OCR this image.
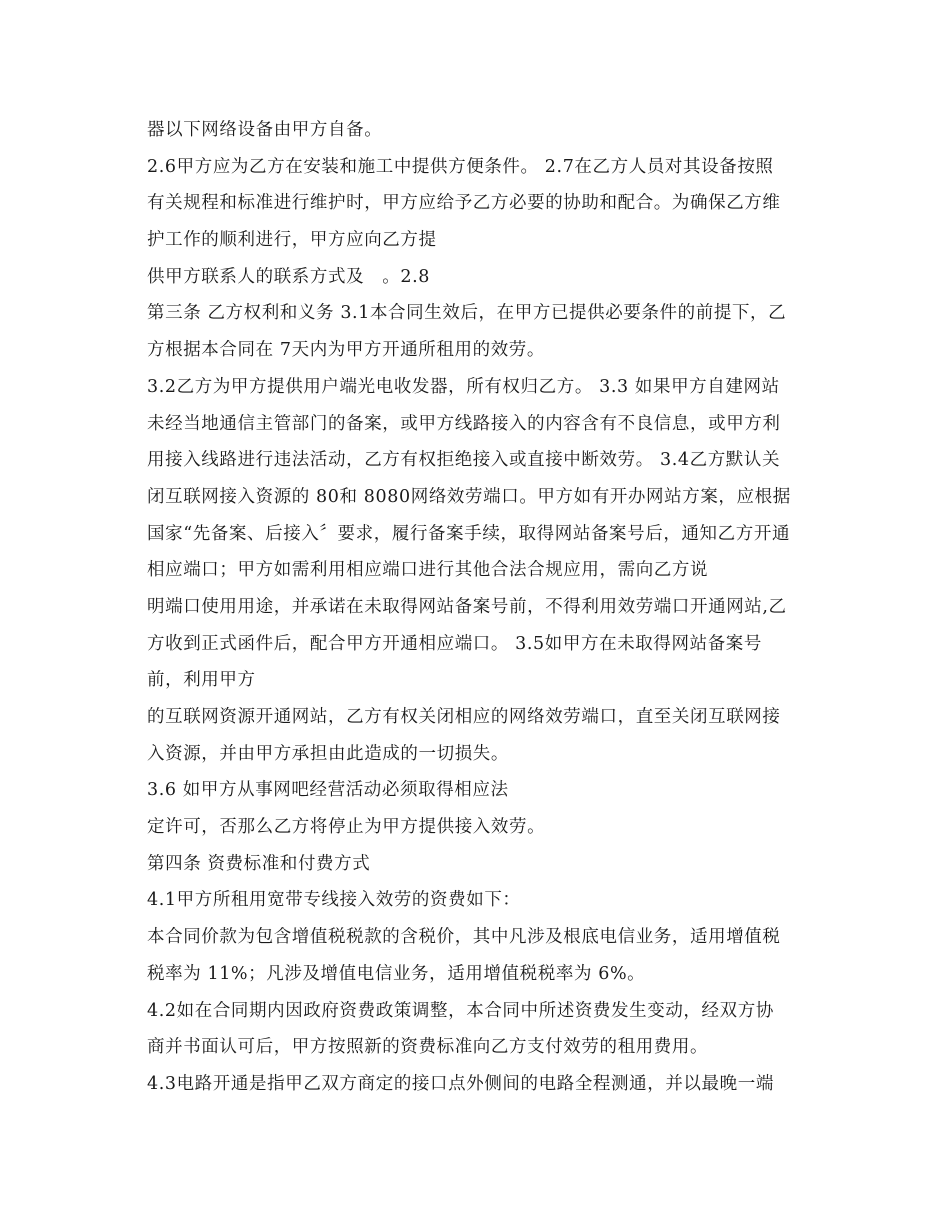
器以下网络设备由甲方自备。
2.6甲方应为乙方在安装和施工中提供方便条件。 2.7在乙方人员对其设备按照
有关规程和标准进行维护时，甲方应给予乙方必要的协助和配合。为确保乙方维
护工作的顺利进行，甲方应向乙方提
供甲方联系人的联系方式及　。2.8
第三条 乙方权利和义务 3.1本合同生效后，在甲方已提供必要条件的前提下，乙
方根据本合同在 7天内为甲方开通所租用的效劳。
3.2乙方为甲方提供用户端光电收发器，所有权归乙方。 3.3 如果甲方自建网站
未经当地通信主管部门的备案，或甲方线路接入的内容含有不良信息，或甲方利
用接入线路进行违法活动，乙方有权拒绝接入或直接中断效劳。 3.4乙方默认关
闭互联网接入资源的 80和 8080网络效劳端口。甲方如有开办网站方案，应根据
国家“先备案、后接入〞要求，履行备案手续，取得网站备案号后，通知乙方开通
相应端口；甲方如需利用相应端口进行其他合法合规应用，需向乙方说
明端口使用用途，并承诺在未取得网站备案号前，不得利用效劳端口开通网站,乙
方收到正式函件后，配合甲方开通相应端口。 3.5如甲方在未取得网站备案号
前，利用甲方
的互联网资源开通网站，乙方有权关闭相应的网络效劳端口，直至关闭互联网接
入资源，并由甲方承担由此造成的一切损失。
3.6 如甲方从事网吧经营活动必须取得相应法
定许可，否那么乙方将停止为甲方提供接入效劳。
第四条 资费标准和付费方式
4.1甲方所租用宽带专线接入效劳的资费如下：
本合同价款为包含增值税税款的含税价，其中凡涉及根底电信业务，适用增值税
税率为 11%；凡涉及增值电信业务，适用增值税税率为 6%。
4.2如在合同期内因政府资费政策调整，本合同中所述资费发生变动，经双方协
商并书面认可后，甲方按照新的资费标准向乙方支付效劳的租用费用。
4.3电路开通是指甲乙双方商定的接口点外侧间的电路全程测通，并以最晚一端
